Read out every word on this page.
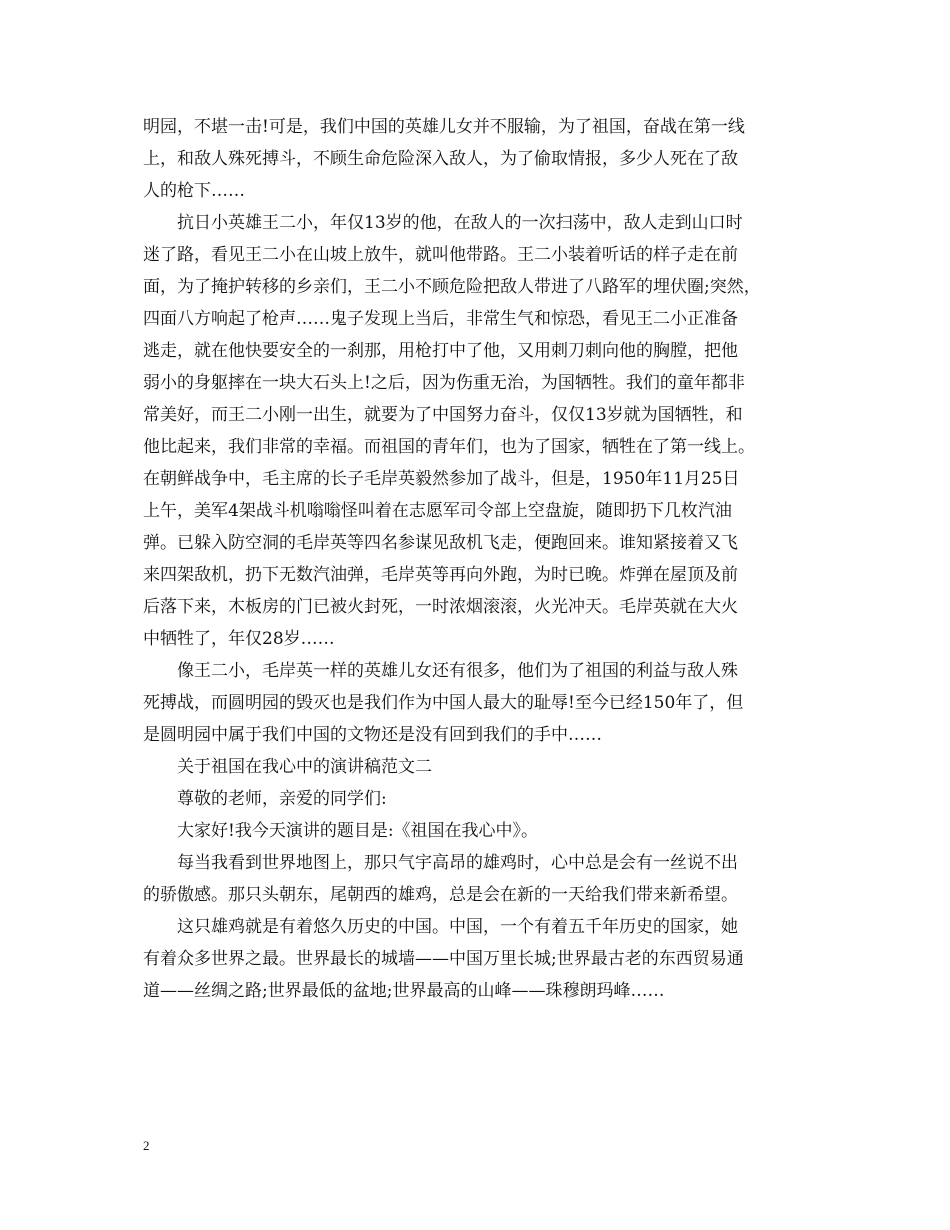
明园，不堪一击!可是，我们中国的英雄儿女并不服输，为了祖国，奋战在第一线
上，和敌人殊死搏斗，不顾生命危险深入敌人，为了偷取情报，多少人死在了敌
人的枪下……
　　抗日小英雄王二小，年仅13岁的他，在敌人的一次扫荡中，敌人走到山口时
迷了路，看见王二小在山坡上放牛，就叫他带路。王二小装着听话的样子走在前
面，为了掩护转移的乡亲们，王二小不顾危险把敌人带进了八路军的埋伏圈;突然，
四面八方响起了枪声……鬼子发现上当后，非常生气和惊恐，看见王二小正准备
逃走，就在他快要安全的一刹那，用枪打中了他，又用刺刀刺向他的胸膛，把他
弱小的身躯摔在一块大石头上!之后，因为伤重无治，为国牺牲。我们的童年都非
常美好，而王二小刚一出生，就要为了中国努力奋斗，仅仅13岁就为国牺牲，和
他比起来，我们非常的幸福。而祖国的青年们，也为了国家，牺牲在了第一线上。
在朝鲜战争中，毛主席的长子毛岸英毅然参加了战斗，但是，1950年11月25日
上午，美军4架战斗机嗡嗡怪叫着在志愿军司令部上空盘旋，随即扔下几枚汽油
弹。已躲入防空洞的毛岸英等四名参谋见敌机飞走，便跑回来。谁知紧接着又飞
来四架敌机，扔下无数汽油弹，毛岸英等再向外跑，为时已晚。炸弹在屋顶及前
后落下来，木板房的门已被火封死，一时浓烟滚滚，火光冲天。毛岸英就在大火
中牺牲了，年仅28岁……
　　像王二小，毛岸英一样的英雄儿女还有很多，他们为了祖国的利益与敌人殊
死搏战，而圆明园的毁灭也是我们作为中国人最大的耻辱!至今已经150年了，但
是圆明园中属于我们中国的文物还是没有回到我们的手中……
　　关于祖国在我心中的演讲稿范文二
　　尊敬的老师，亲爱的同学们:
　　大家好!我今天演讲的题目是:《祖国在我心中》。
　　每当我看到世界地图上，那只气宇高昂的雄鸡时，心中总是会有一丝说不出
的骄傲感。那只头朝东，尾朝西的雄鸡，总是会在新的一天给我们带来新希望。
　　这只雄鸡就是有着悠久历史的中国。中国，一个有着五千年历史的国家，她
有着众多世界之最。世界最长的城墙——中国万里长城;世界最古老的东西贸易通
道——丝绸之路;世界最低的盆地;世界最高的山峰——珠穆朗玛峰……
2
